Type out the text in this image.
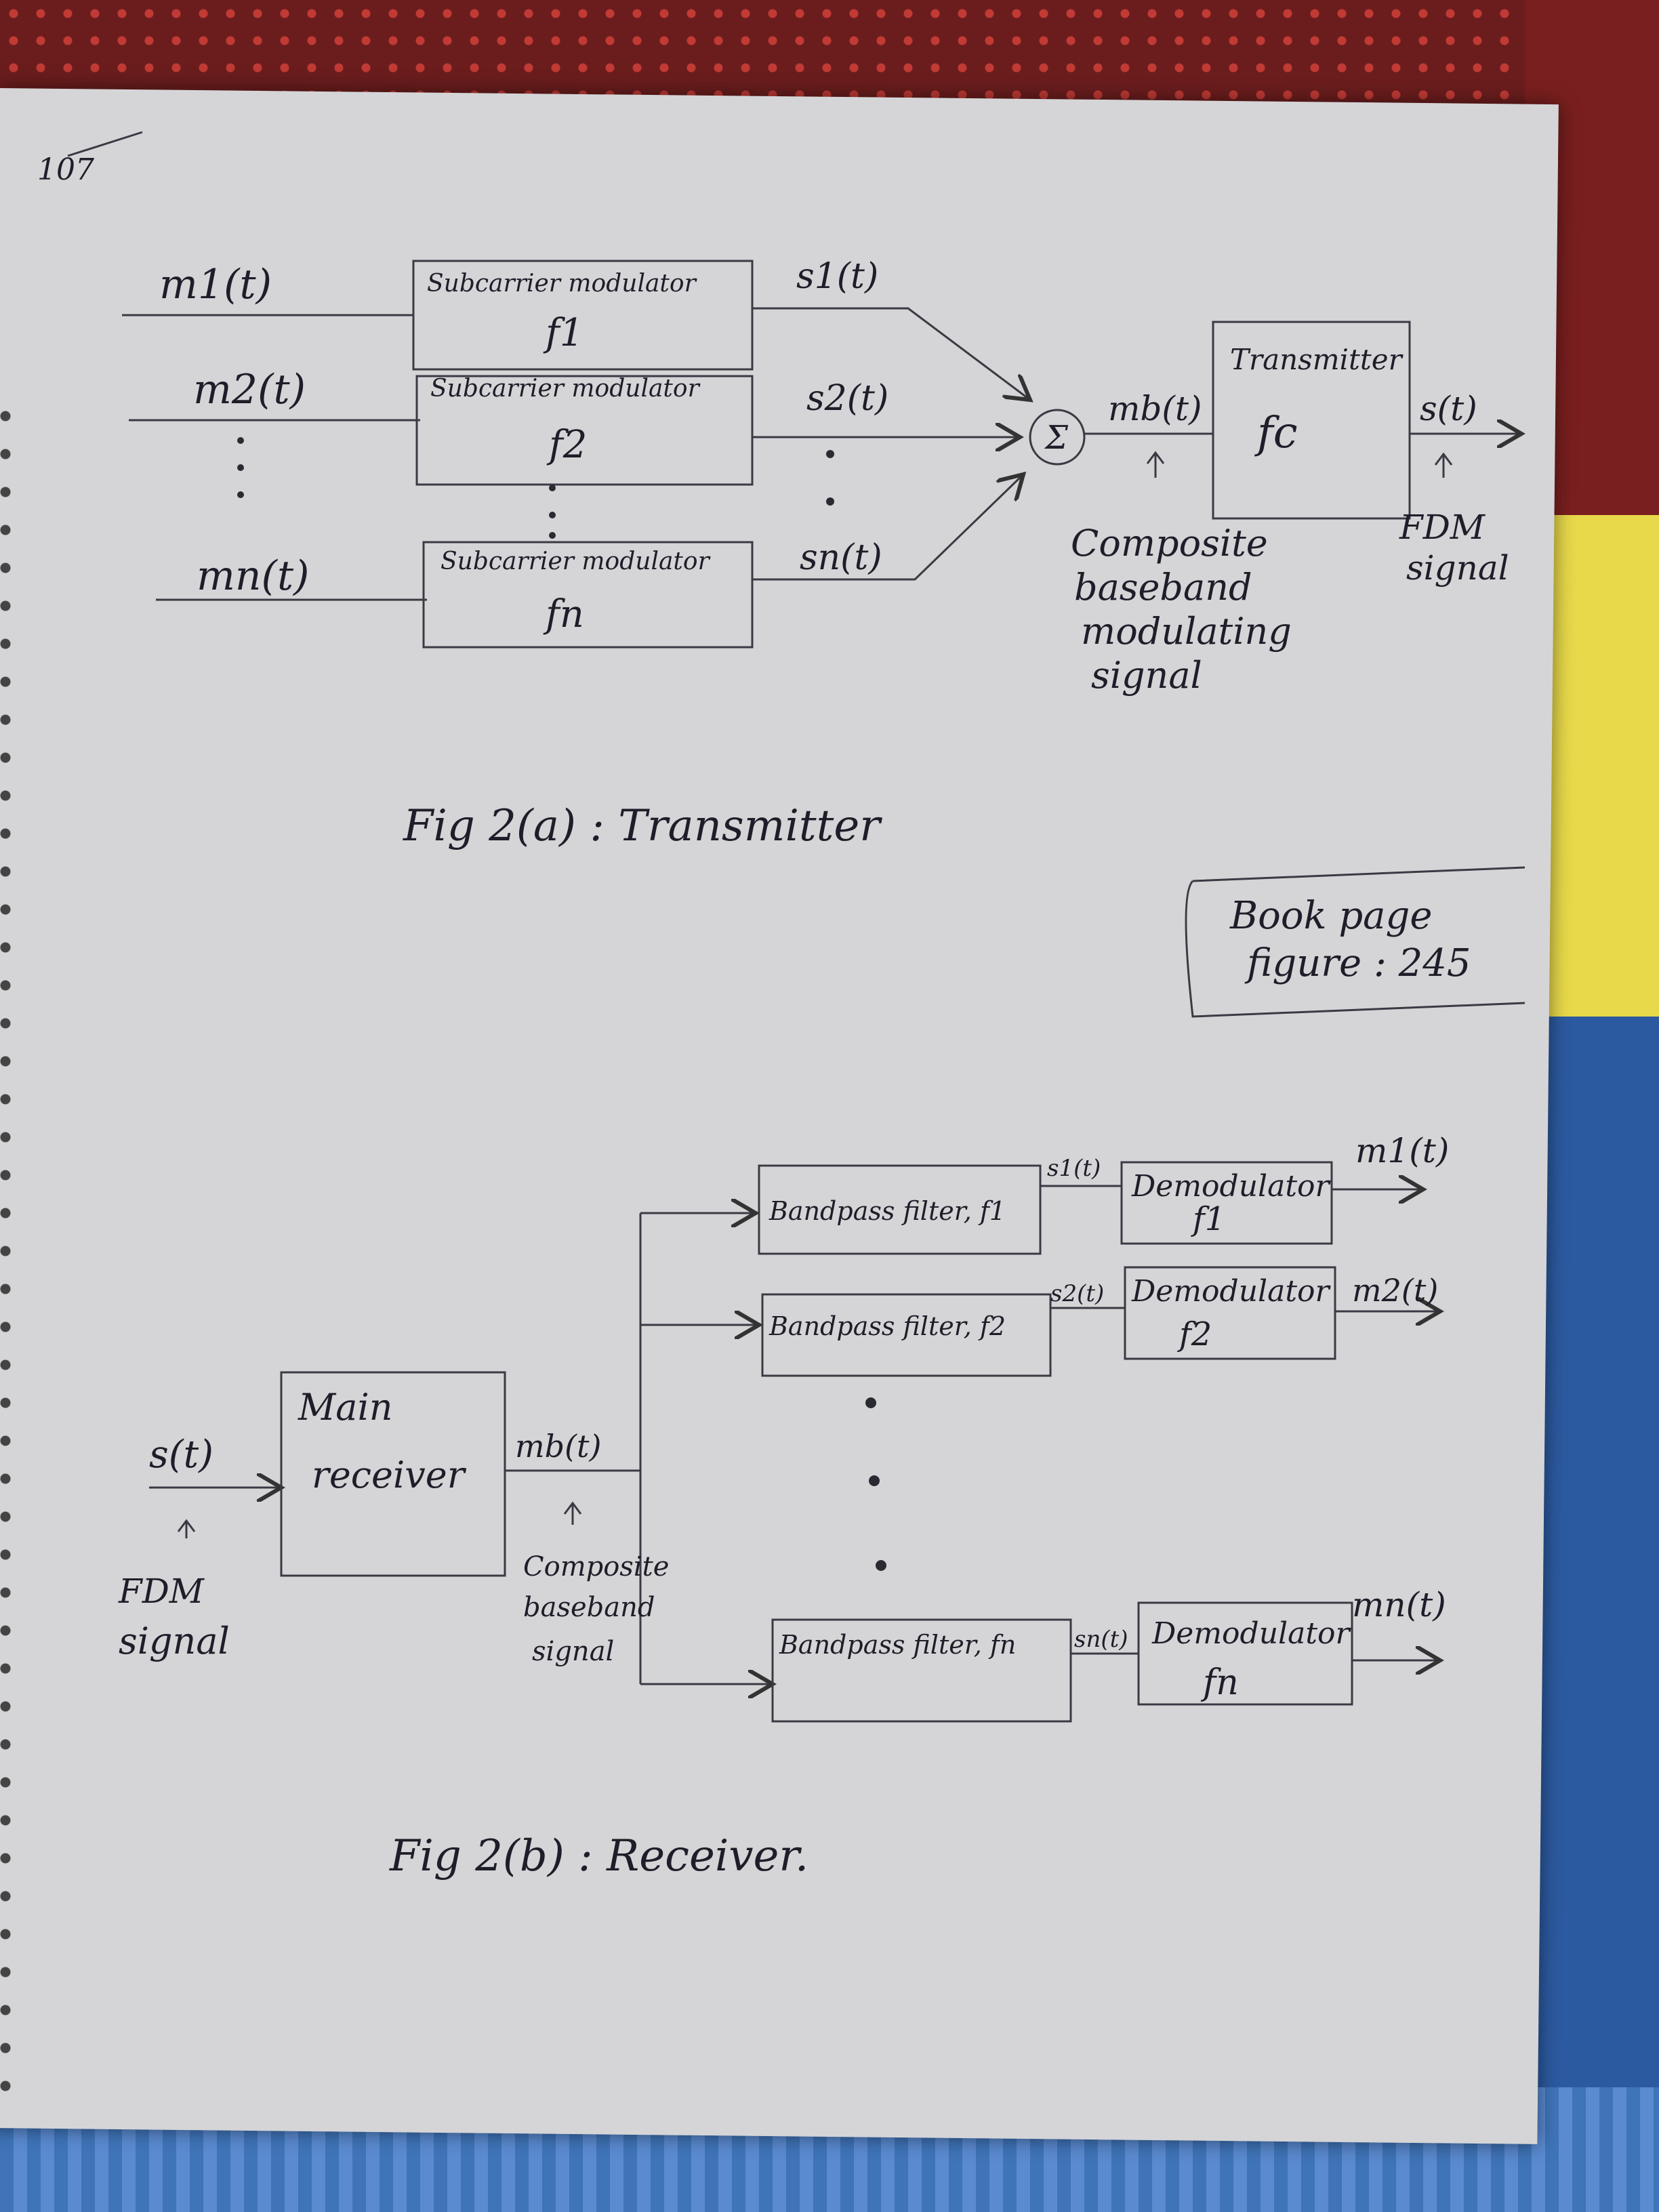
107
m1(t)
m2(t)
mn(t)
Subcarrier modulator
f1
Subcarrier modulator
f2
Subcarrier modulator
fn
s1(t)
s2(t)
sn(t)
Σ
mb(t)
Composite
baseband
modulating
signal
Transmitter
fc	s(t)
FDM
signal
Fig 2(a) : Transmitter
Book page
figure : 245
s(t)
FDM
signal
Main
receiver
mb(t)
Composite
baseband
signal
Bandpass filter, f1
Bandpass filter, f2
Bandpass filter, fn
s1(t)
s2(t)
sn(t)
Demodulator
f1
Demodulator
f2
Demodulator
fn
m1(t)
m2(t)
mn(t)
Fig 2(b) : Receiver.
